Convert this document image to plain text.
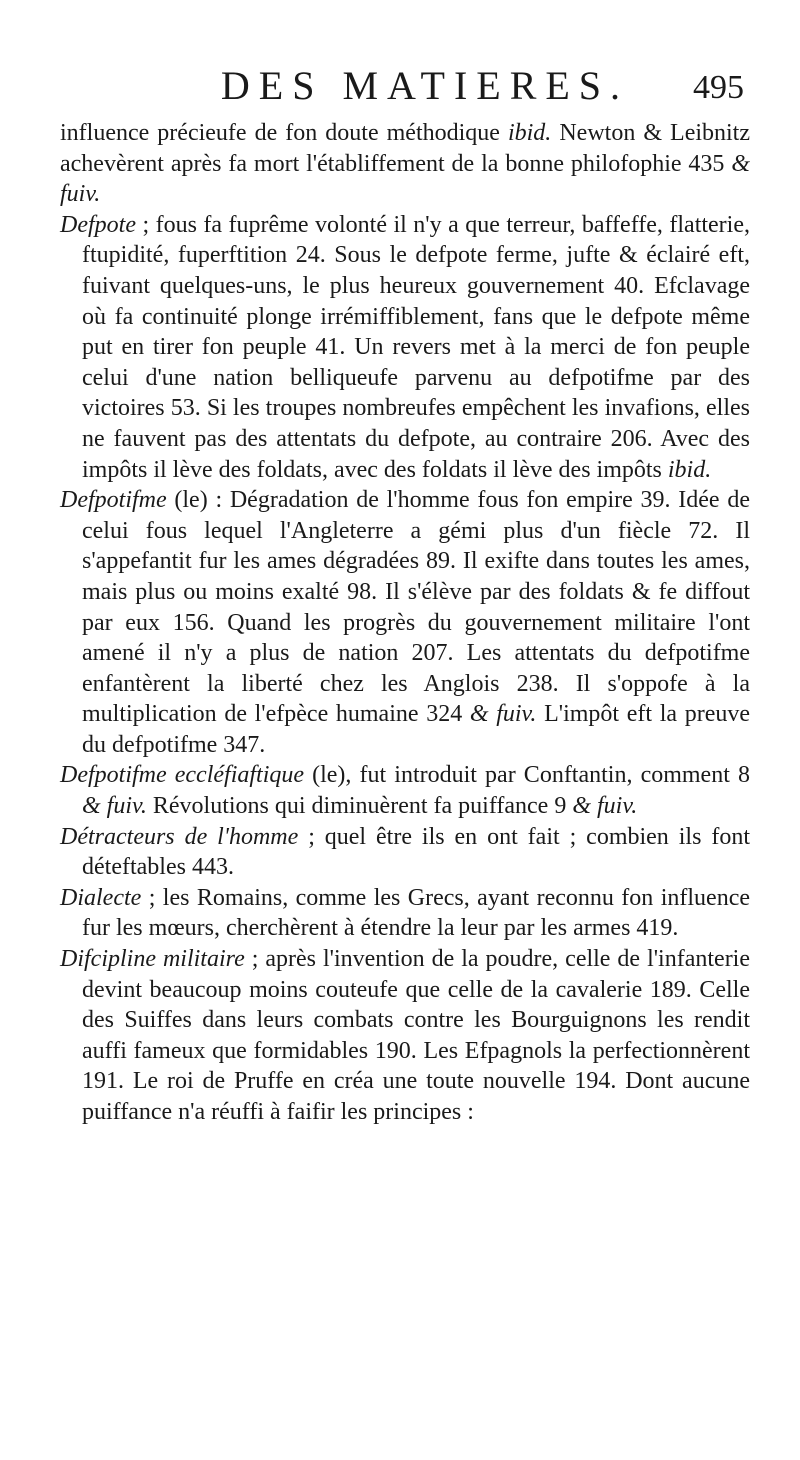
DES MATIERES. 495

influence précieufe de fon doute méthodique ibid. Newton & Leibnitz achevèrent après fa mort l'établiffement de la bonne philofophie 435 & fuiv.

Defpote ; fous fa fuprême volonté il n'y a que terreur, baffeffe, flatterie, ftupidité, fuperftition 24. Sous le defpote ferme, jufte & éclairé eft, fuivant quelques-uns, le plus heureux gouvernement 40. Efclavage où fa continuité plonge irrémiffiblement, fans que le defpote même put en tirer fon peuple 41. Un revers met à la merci de fon peuple celui d'une nation belliqueufe parvenu au defpotifme par des victoires 53. Si les troupes nombreufes empêchent les invafions, elles ne fauvent pas des attentats du defpote, au contraire 206. Avec des impôts il lève des foldats, avec des foldats il lève des impôts ibid.

Defpotifme (le) : Dégradation de l'homme fous fon empire 39. Idée de celui fous lequel l'Angleterre a gémi plus d'un fiècle 72. Il s'appefantit fur les ames dégradées 89. Il exifte dans toutes les ames, mais plus ou moins exalté 98. Il s'élève par des foldats & fe diffout par eux 156. Quand les progrès du gouvernement militaire l'ont amené il n'y a plus de nation 207. Les attentats du defpotifme enfantèrent la liberté chez les Anglois 238. Il s'oppofe à la multiplication de l'efpèce humaine 324 & fuiv. L'impôt eft la preuve du defpotifme 347.

Defpotifme eccléfiaftique (le), fut introduit par Conftantin, comment 8 & fuiv. Révolutions qui diminuèrent fa puiffance 9 & fuiv.

Détracteurs de l'homme ; quel être ils en ont fait ; combien ils font déteftables 443.

Dialecte ; les Romains, comme les Grecs, ayant reconnu fon influence fur les mœurs, cherchèrent à étendre la leur par les armes 419.

Difcipline militaire ; après l'invention de la poudre, celle de l'infanterie devint beaucoup moins couteufe que celle de la cavalerie 189. Celle des Suiffes dans leurs combats contre les Bourguignons les rendit auffi fameux que formidables 190. Les Efpagnols la perfectionnèrent 191. Le roi de Pruffe en créa une toute nouvelle 194. Dont aucune puiffance n'a réuffi à faifir les principes :
